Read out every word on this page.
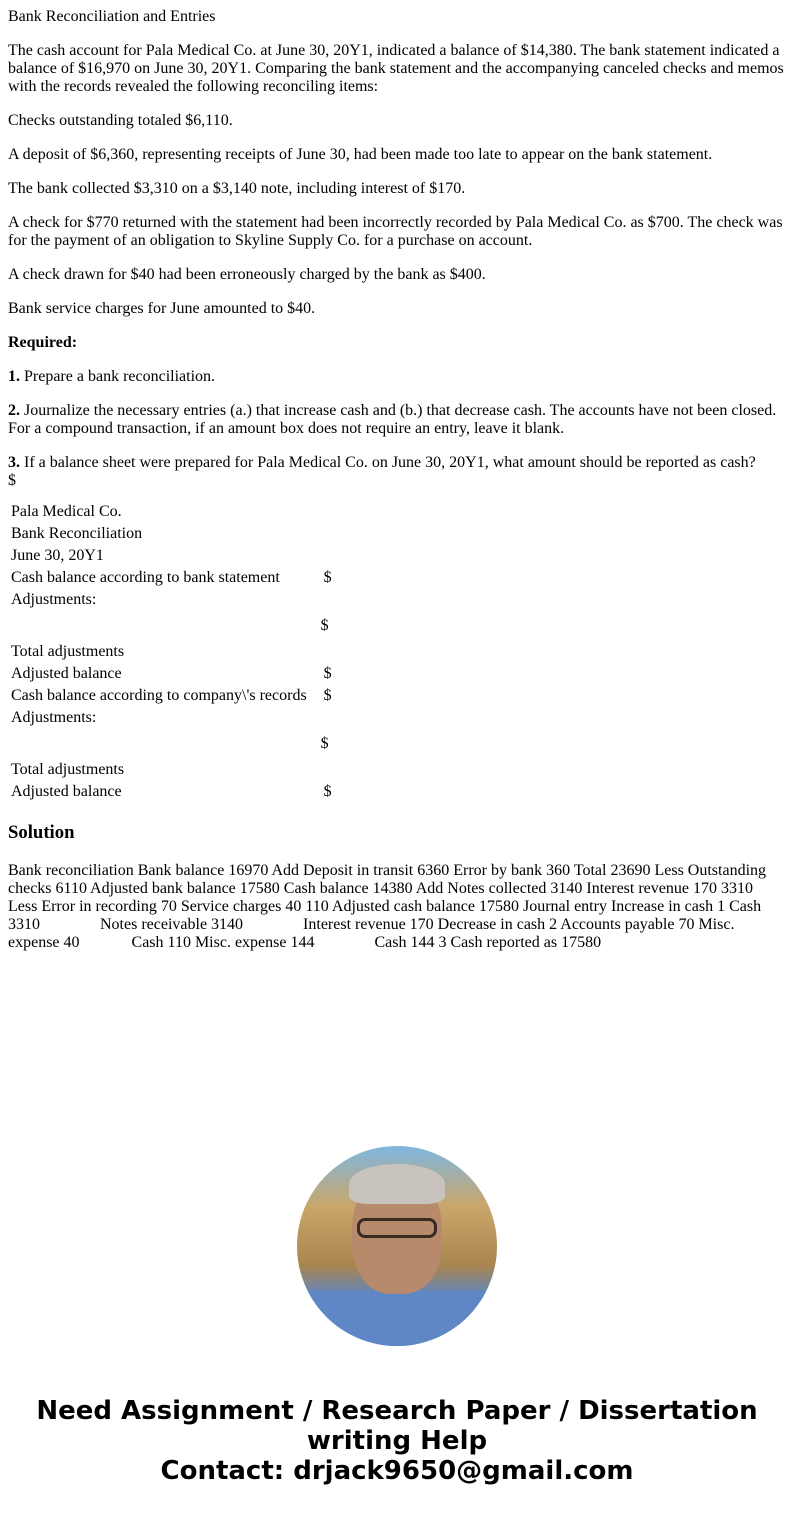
Bank Reconciliation and Entries

The cash account for Pala Medical Co. at June 30, 20Y1, indicated a balance of $14,380. The bank statement indicated a balance of $16,970 on June 30, 20Y1. Comparing the bank statement and the accompanying canceled checks and memos with the records revealed the following reconciling items:

Checks outstanding totaled $6,110.

A deposit of $6,360, representing receipts of June 30, had been made too late to appear on the bank statement.

The bank collected $3,310 on a $3,140 note, including interest of $170.

A check for $770 returned with the statement had been incorrectly recorded by Pala Medical Co. as $700. The check was for the payment of an obligation to Skyline Supply Co. for a purchase on account.

A check drawn for $40 had been erroneously charged by the bank as $400.

Bank service charges for June amounted to $40.

Required:

1. Prepare a bank reconciliation.

2. Journalize the necessary entries (a.) that increase cash and (b.) that decrease cash. The accounts have not been closed. For a compound transaction, if an amount box does not require an entry, leave it blank.

3. If a balance sheet were prepared for Pala Medical Co. on June 30, 20Y1, what amount should be reported as cash?
$

Pala Medical Co.	
Bank Reconciliation	
June 30, 20Y1	
Cash balance according to bank statement	$
Adjustments:	
	$
Total adjustments	
Adjusted balance	$
Cash balance according to company\'s records	$
Adjustments:	
	$
Total adjustments	
Adjusted balance	$
Solution

Bank reconciliation Bank balance 16970 Add Deposit in transit 6360 Error by bank 360 Total 23690 Less Outstanding checks 6110 Adjusted bank balance 17580 Cash balance 14380 Add Notes collected 3140 Interest revenue 170 3310 Less Error in recording 70 Service charges 40 110 Adjusted cash balance 17580 Journal entry Increase in cash 1 Cash 3310               Notes receivable 3140               Interest revenue 170 Decrease in cash 2 Accounts payable 70 Misc. expense 40             Cash 110 Misc. expense 144               Cash 144 3 Cash reported as 17580

Need Assignment / Research Paper / Dissertation writing Help
Contact: drjack9650@gmail.com
